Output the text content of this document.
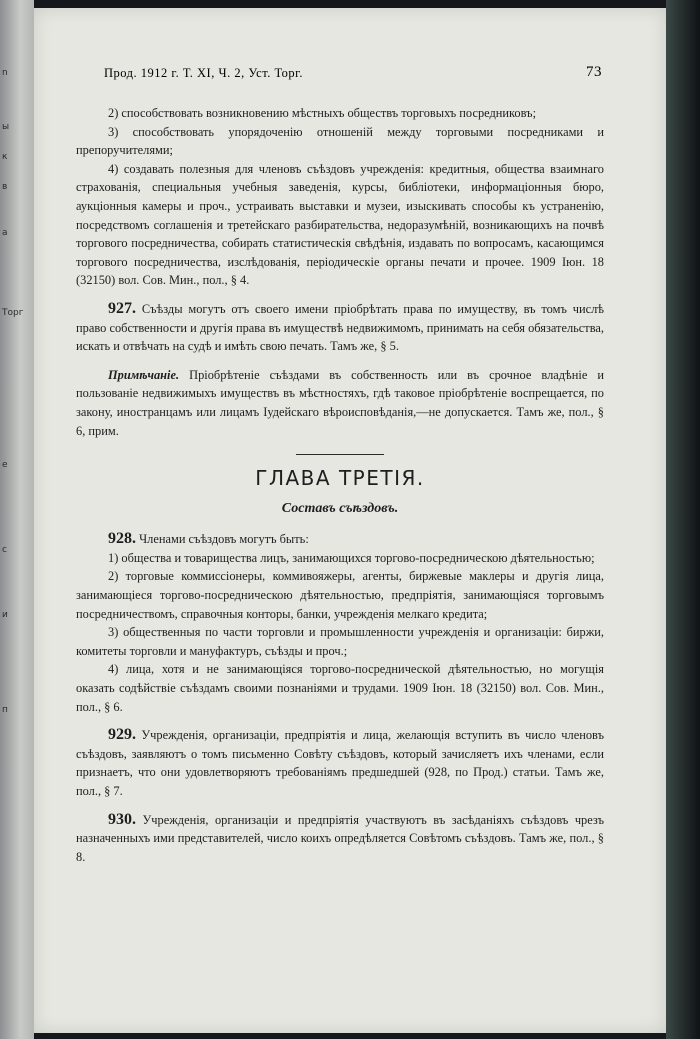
n
ы
к
в
а
Торг
е
с
и
п
Прод. 1912 г. Т. XI, Ч. 2, Уст. Торг.	73

2) способствовать возникновению мѣстныхъ обществъ торговыхъ посредниковъ;

3) способствовать упорядоченію отношеній между торговыми посредниками и препоручителями;

4) создавать полезныя для членовъ съѣздовъ учрежденія: кредитныя, общества взаимнаго страхованія, специальныя учебныя заведенія, курсы, библіотеки, информаціонныя бюро, аукціонныя камеры и проч., устраивать выставки и музеи, изыскивать способы къ устраненію, посредствомъ соглашенія и третейскаго разбирательства, недоразумѣній, возникающихъ на почвѣ торгового посредничества, собирать статистическія свѣдѣнія, издавать по вопросамъ, касающимся торгового посредничества, изслѣдованія, періодическіе органы печати и прочее. 1909 Іюн. 18 (32150) вол. Сов. Мин., пол., § 4.

927. Съѣзды могутъ отъ своего имени пріобрѣтать права по имуществу, въ томъ числѣ право собственности и другія права въ имуществѣ недвижимомъ, принимать на себя обязательства, искать и отвѣчать на судѣ и имѣть свою печать. Тамъ же, § 5.

Примѣчаніе. Пріобрѣтеніе съѣздами въ собственность или въ срочное владѣніе и пользованіе недвижимыхъ имуществъ въ мѣстностяхъ, гдѣ таковое пріобрѣтеніе воспрещается, по закону, иностранцамъ или лицамъ Іудейскаго вѣроисповѣданія,—не допускается. Тамъ же, пол., § 6, прим.

ГЛАВА ТРЕТІЯ.
Составъ съѣздовъ.

928. Членами съѣздовъ могутъ быть:

1) общества и товарищества лицъ, занимающихся торгово-посредническою дѣятельностью;

2) торговые коммиссіонеры, коммивояжеры, агенты, биржевые маклеры и другія лица, занимающіеся торгово-посредническою дѣятельностью, предпріятія, занимающіяся торговымъ посредничествомъ, справочныя конторы, банки, учрежденія мелкаго кредита;

3) общественныя по части торговли и промышленности учрежденія и организаціи: биржи, комитеты торговли и мануфактуръ, съѣзды и проч.;

4) лица, хотя и не занимающіяся торгово-посреднической дѣятельностью, но могущія оказать содѣйствіе съѣздамъ своими познаніями и трудами. 1909 Іюн. 18 (32150) вол. Сов. Мин., пол., § 6.

929. Учрежденія, организаціи, предпріятія и лица, желающія вступить въ число членовъ съѣздовъ, заявляютъ о томъ письменно Совѣту съѣздовъ, который зачисляетъ ихъ членами, если признаетъ, что они удовлетворяютъ требованіямъ предшедшей (928, по Прод.) статьи. Тамъ же, пол., § 7.

930. Учрежденія, организаціи и предпріятія участвуютъ въ засѣданіяхъ съѣздовъ чрезъ назначенныхъ ими представителей, число коихъ опредѣляется Совѣтомъ съѣздовъ. Тамъ же, пол., § 8.
